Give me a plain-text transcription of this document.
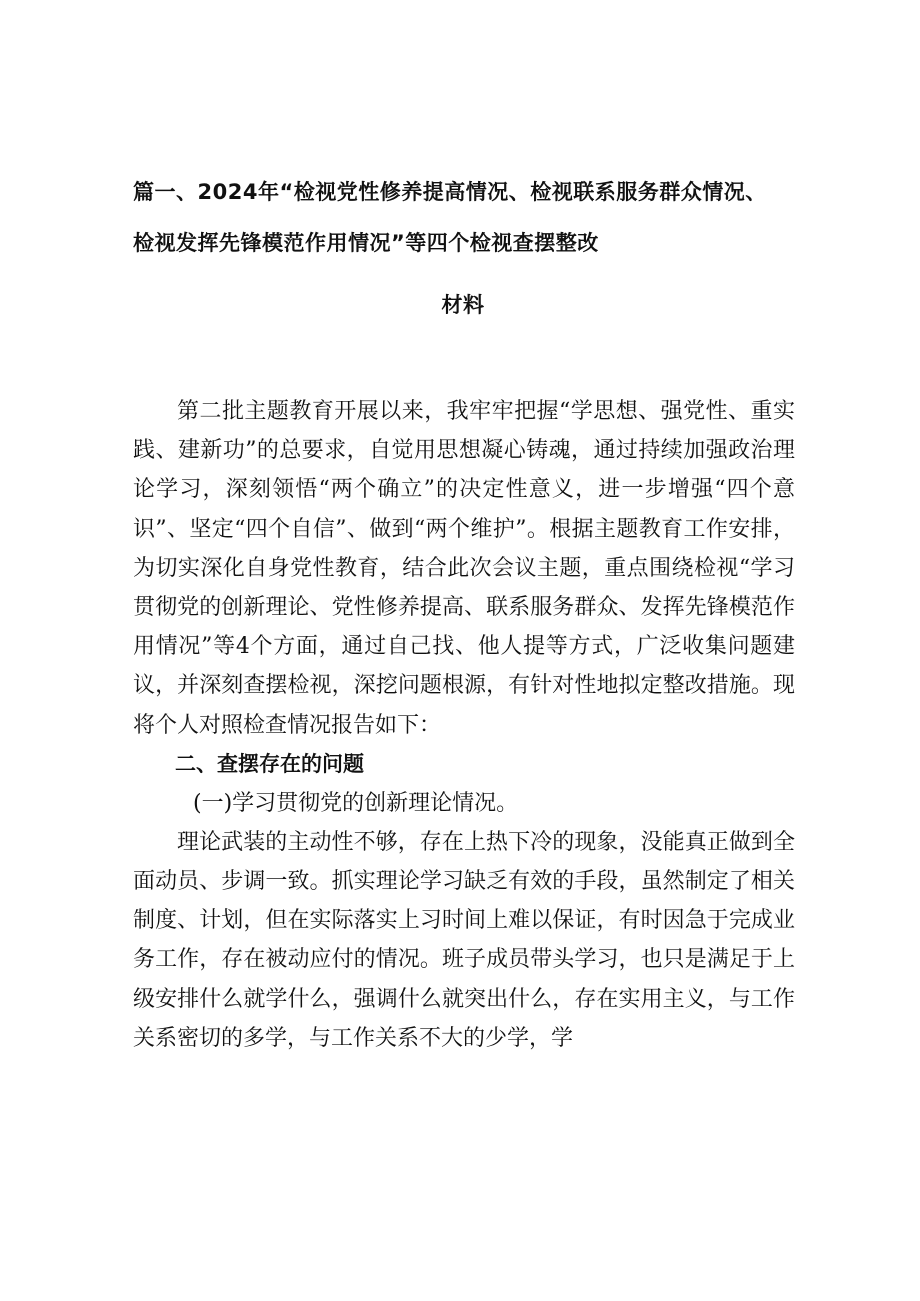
篇一、2024年“检视党性修养提高情况、检视联系服务群众情况、
检视发挥先锋模范作用情况”等四个检视查摆整改
材料

第二批主题教育开展以来，我牢牢把握“学思想、强党性、重实践、建新功”的总要求，自觉用思想凝心铸魂，通过持续加强政治理论学习，深刻领悟“两个确立”的决定性意义，进一步增强“四个意识”、坚定“四个自信”、做到“两个维护”。根据主题教育工作安排，为切实深化自身党性教育，结合此次会议主题，重点围绕检视“学习贯彻党的创新理论、党性修养提高、联系服务群众、发挥先锋模范作用情况”等4个方面，通过自己找、他人提等方式，广泛收集问题建议，并深刻查摆检视，深挖问题根源，有针对性地拟定整改措施。现将个人对照检查情况报告如下：

二、查摆存在的问题

(一)学习贯彻党的创新理论情况。

理论武装的主动性不够，存在上热下冷的现象，没能真正做到全面动员、步调一致。抓实理论学习缺乏有效的手段，虽然制定了相关制度、计划，但在实际落实上习时间上难以保证，有时因急于完成业务工作，存在被动应付的情况。班子成员带头学习，也只是满足于上级安排什么就学什么，强调什么就突出什么，存在实用主义，与工作关系密切的多学，与工作关系不大的少学，学
